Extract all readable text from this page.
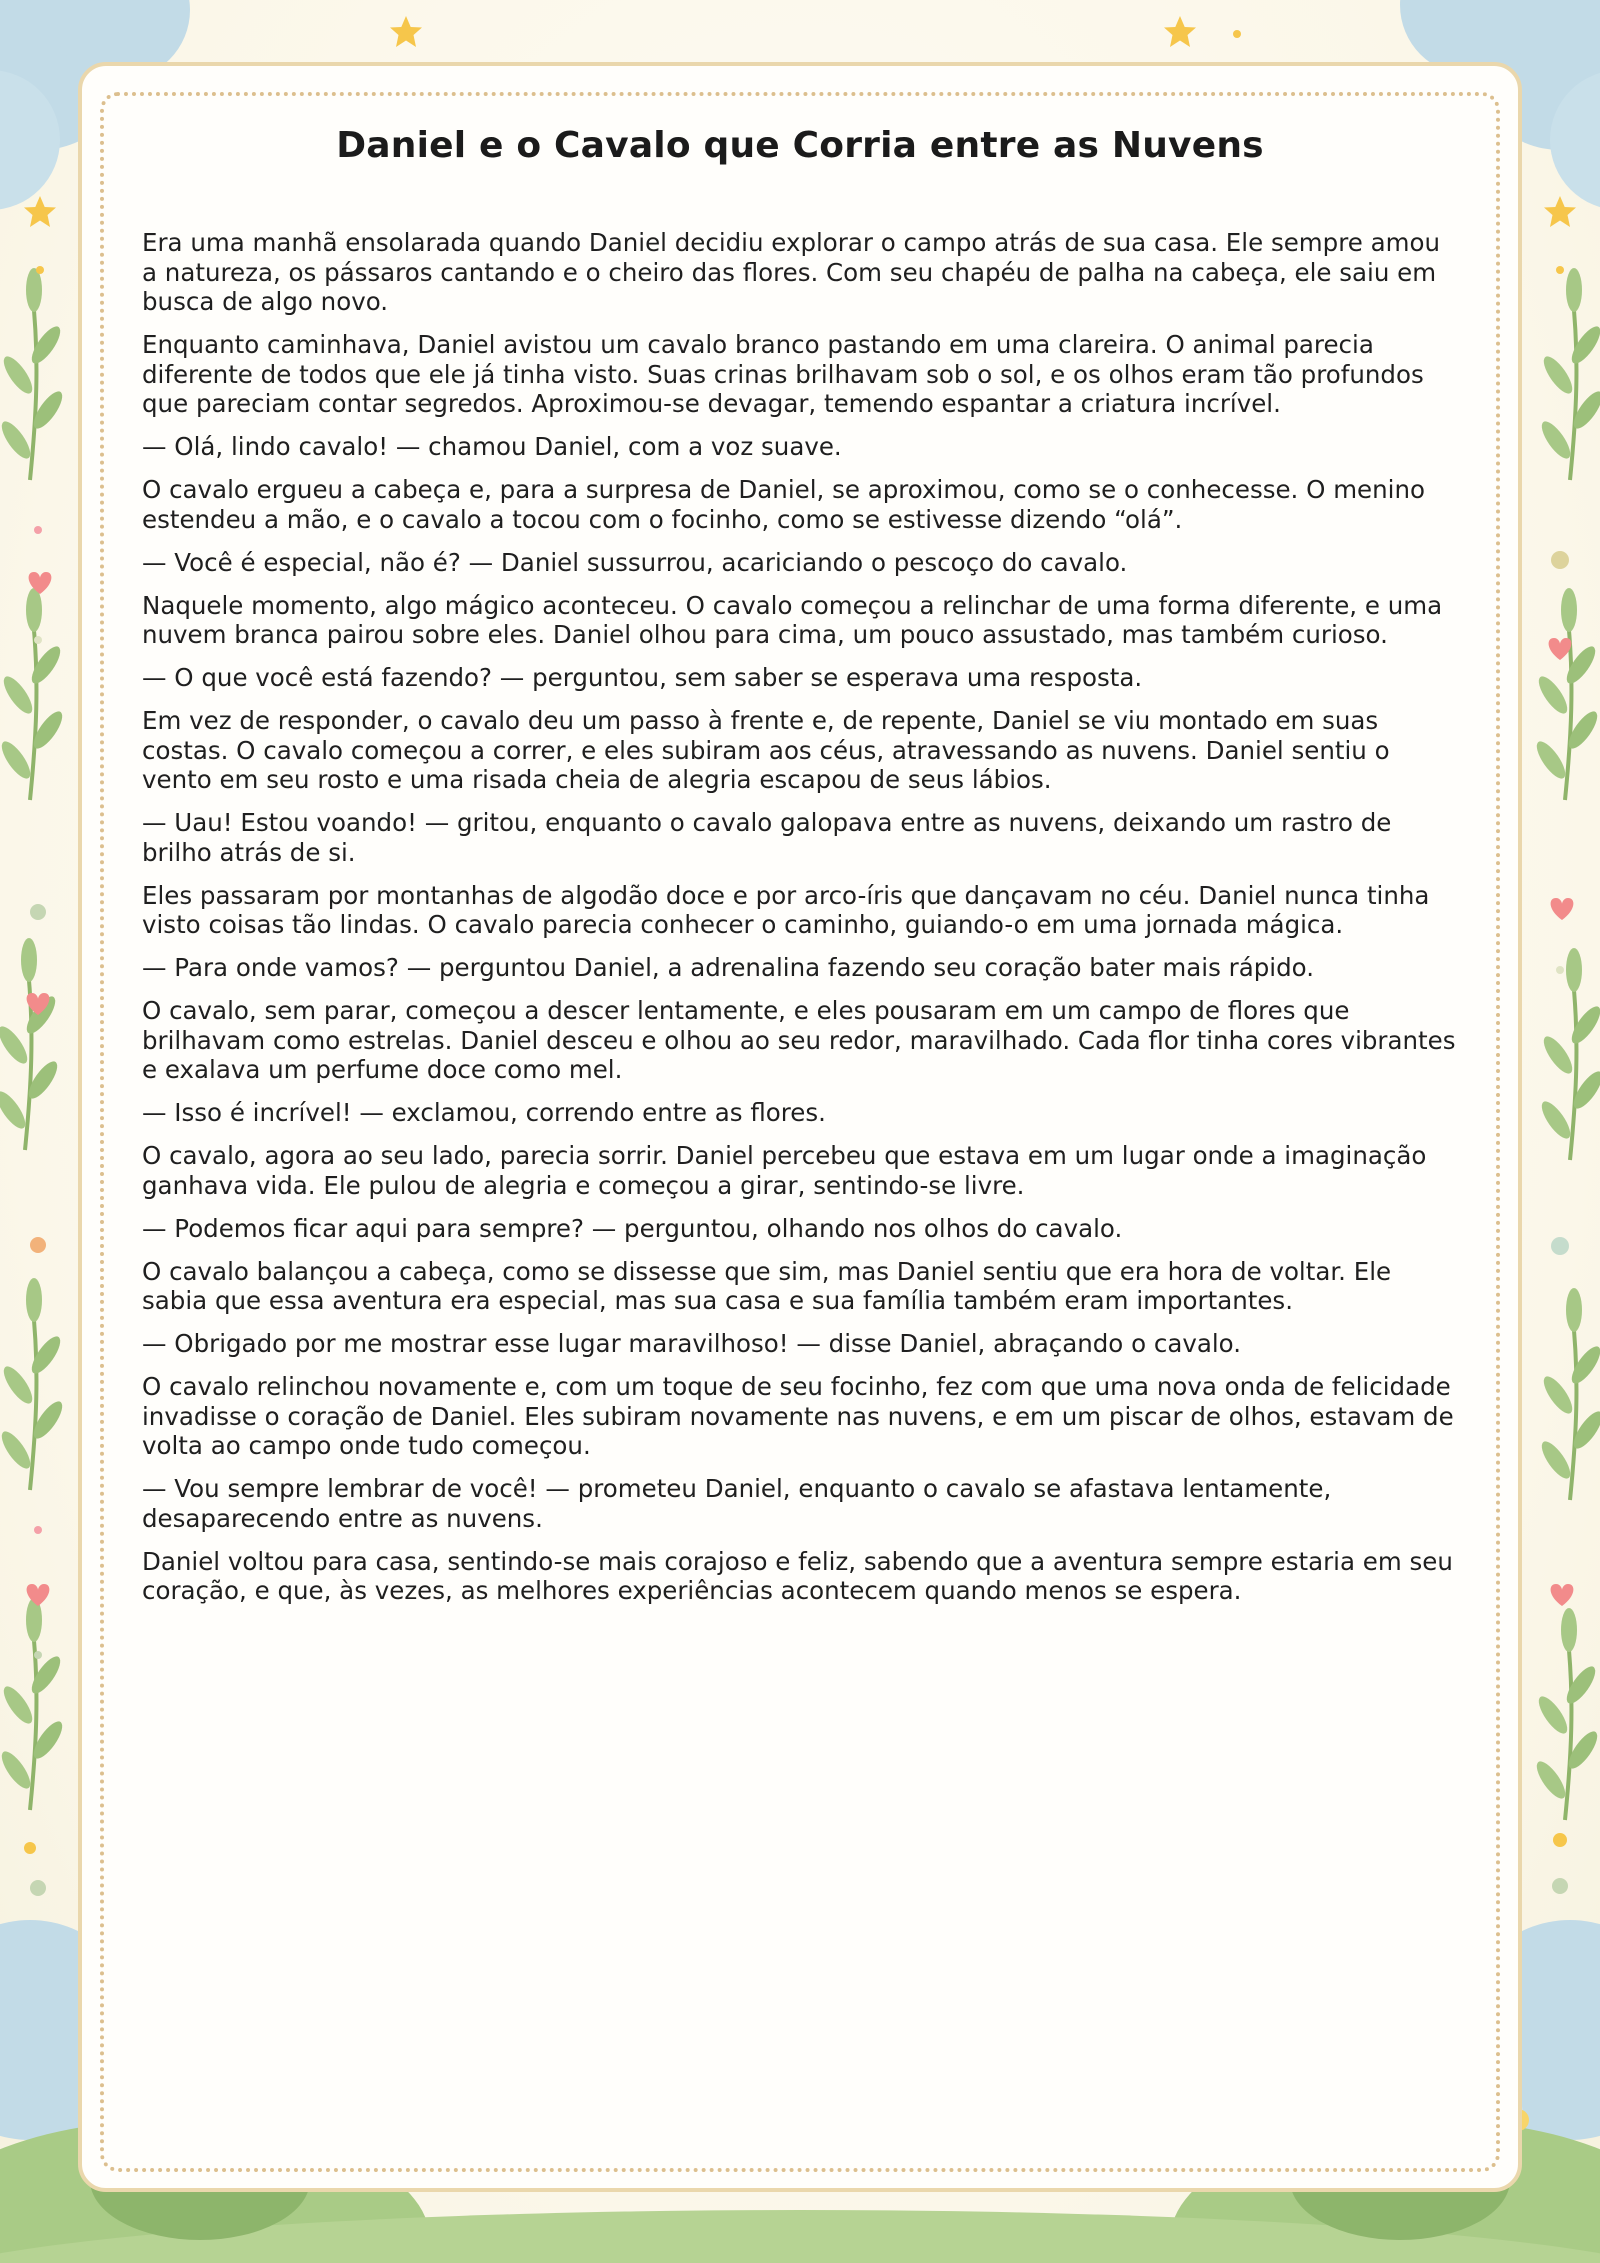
Daniel e o Cavalo que Corria entre as Nuvens

Era uma manhã ensolarada quando Daniel decidiu explorar o campo atrás de sua casa. Ele sempre amou a natureza, os pássaros cantando e o cheiro das flores. Com seu chapéu de palha na cabeça, ele saiu em busca de algo novo.

Enquanto caminhava, Daniel avistou um cavalo branco pastando em uma clareira. O animal parecia diferente de todos que ele já tinha visto. Suas crinas brilhavam sob o sol, e os olhos eram tão profundos que pareciam contar segredos. Aproximou-se devagar, temendo espantar a criatura incrível.

— Olá, lindo cavalo! — chamou Daniel, com a voz suave.

O cavalo ergueu a cabeça e, para a surpresa de Daniel, se aproximou, como se o conhecesse. O menino estendeu a mão, e o cavalo a tocou com o focinho, como se estivesse dizendo “olá”.

— Você é especial, não é? — Daniel sussurrou, acariciando o pescoço do cavalo.

Naquele momento, algo mágico aconteceu. O cavalo começou a relinchar de uma forma diferente, e uma nuvem branca pairou sobre eles. Daniel olhou para cima, um pouco assustado, mas também curioso.

— O que você está fazendo? — perguntou, sem saber se esperava uma resposta.

Em vez de responder, o cavalo deu um passo à frente e, de repente, Daniel se viu montado em suas costas. O cavalo começou a correr, e eles subiram aos céus, atravessando as nuvens. Daniel sentiu o vento em seu rosto e uma risada cheia de alegria escapou de seus lábios.

— Uau! Estou voando! — gritou, enquanto o cavalo galopava entre as nuvens, deixando um rastro de brilho atrás de si.

Eles passaram por montanhas de algodão doce e por arco-íris que dançavam no céu. Daniel nunca tinha visto coisas tão lindas. O cavalo parecia conhecer o caminho, guiando-o em uma jornada mágica.

— Para onde vamos? — perguntou Daniel, a adrenalina fazendo seu coração bater mais rápido.

O cavalo, sem parar, começou a descer lentamente, e eles pousaram em um campo de flores que brilhavam como estrelas. Daniel desceu e olhou ao seu redor, maravilhado. Cada flor tinha cores vibrantes e exalava um perfume doce como mel.

— Isso é incrível! — exclamou, correndo entre as flores.

O cavalo, agora ao seu lado, parecia sorrir. Daniel percebeu que estava em um lugar onde a imaginação ganhava vida. Ele pulou de alegria e começou a girar, sentindo-se livre.

— Podemos ficar aqui para sempre? — perguntou, olhando nos olhos do cavalo.

O cavalo balançou a cabeça, como se dissesse que sim, mas Daniel sentiu que era hora de voltar. Ele sabia que essa aventura era especial, mas sua casa e sua família também eram importantes.

— Obrigado por me mostrar esse lugar maravilhoso! — disse Daniel, abraçando o cavalo.

O cavalo relinchou novamente e, com um toque de seu focinho, fez com que uma nova onda de felicidade invadisse o coração de Daniel. Eles subiram novamente nas nuvens, e em um piscar de olhos, estavam de volta ao campo onde tudo começou.

— Vou sempre lembrar de você! — prometeu Daniel, enquanto o cavalo se afastava lentamente, desaparecendo entre as nuvens.

Daniel voltou para casa, sentindo-se mais corajoso e feliz, sabendo que a aventura sempre estaria em seu coração, e que, às vezes, as melhores experiências acontecem quando menos se espera.
